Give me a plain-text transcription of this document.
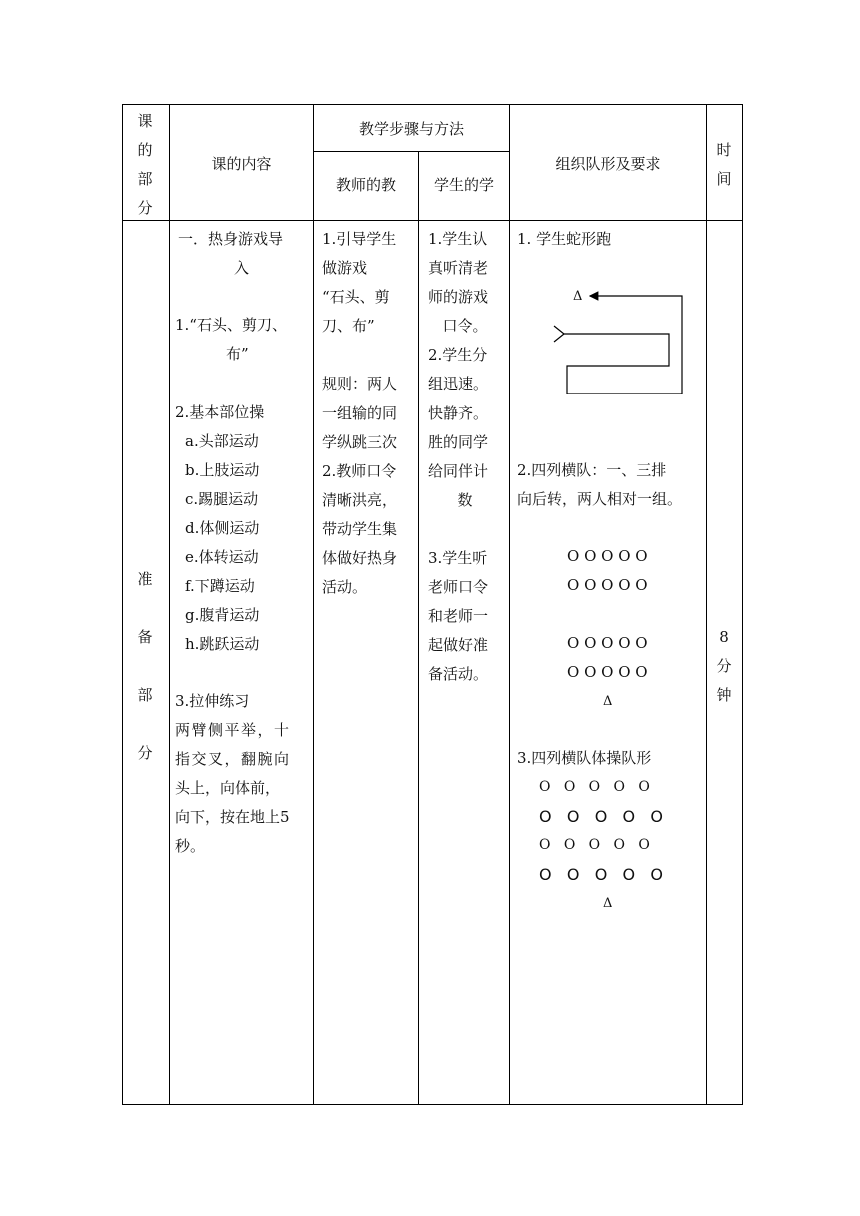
课
的
部
分
课的内容
教学步骤与方法
教师的教	学生的学
组织队形及要求
时
间
准
备
部
分
一．热身游戏导
入
1.“石头、剪刀、
布”
2.基本部位操
a.头部运动
b.上肢运动
c.踢腿运动
d.体侧运动
e.体转运动
f.下蹲运动
g.腹背运动
h.跳跃运动
3.拉伸练习
两臂侧平举，十
指交叉，翻腕向
头上，向体前，
向下，按在地上5
秒。
1.引导学生
做游戏
“石头、剪
刀、布”
规则：两人
一组输的同
学纵跳三次
2.教师口令
清晰洪亮，
带动学生集
体做好热身
活动。
1.学生认
真听清老
师的游戏
口令。
2.学生分
组迅速。
快静齐。
胜的同学
给同伴计
数
3.学生听
老师口令
和老师一
起做好准
备活动。
1. 学生蛇形跑
Δ
2.四列横队：一、三排
向后转，两人相对一组。
O O O O O
O O O O O
O O O O O
O O O O O
Δ
3.四列横队体操队形
O   O   O   O   O
O   O   O   O   O
O   O   O   O   O
O   O   O   O   O
Δ
8
分
钟
